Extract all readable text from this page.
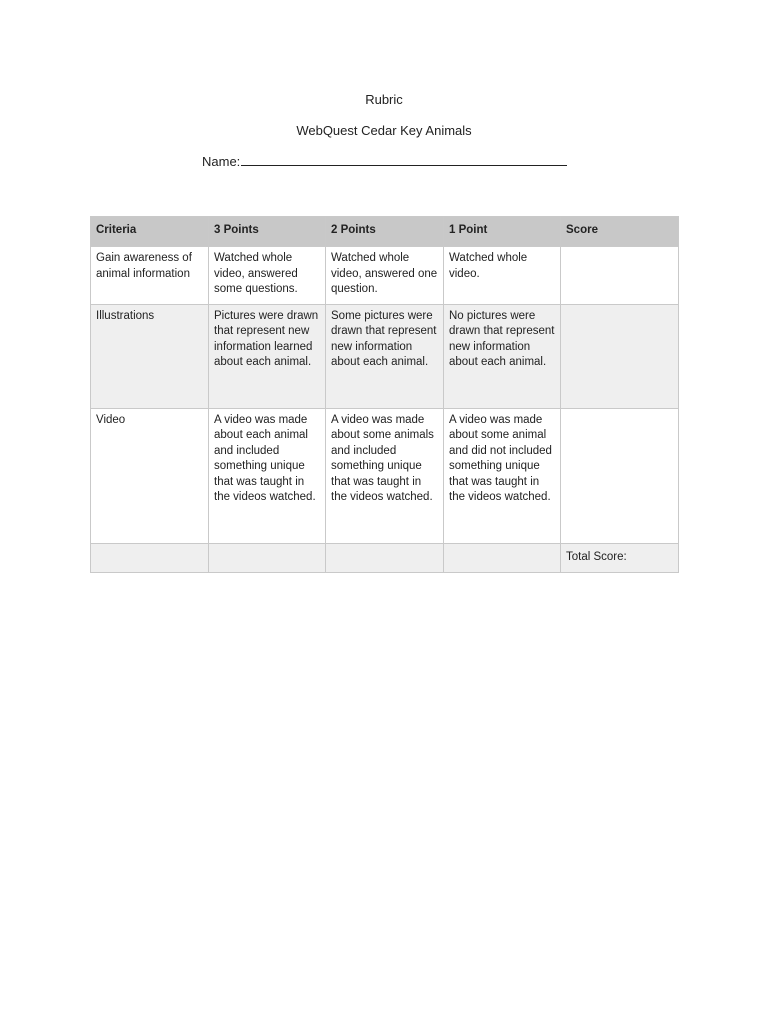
Rubric
WebQuest Cedar Key Animals
Name:
Criteria	3 Points	2 Points	1 Point	Score
Gain awareness of animal information	Watched whole video, answered some questions.	Watched whole video, answered one question.	Watched whole video.	
Illustrations	Pictures were drawn that represent new information learned about each animal.	Some pictures were drawn that represent new information about each animal.	No pictures were drawn that represent new information about each animal.	
Video	A video was made about each animal and included something unique that was taught in the videos watched.	A video was made about some animals and included something unique that was taught in the videos watched.	A video was made about some animal and did not included something unique that was taught in the videos watched.	
				Total Score:
